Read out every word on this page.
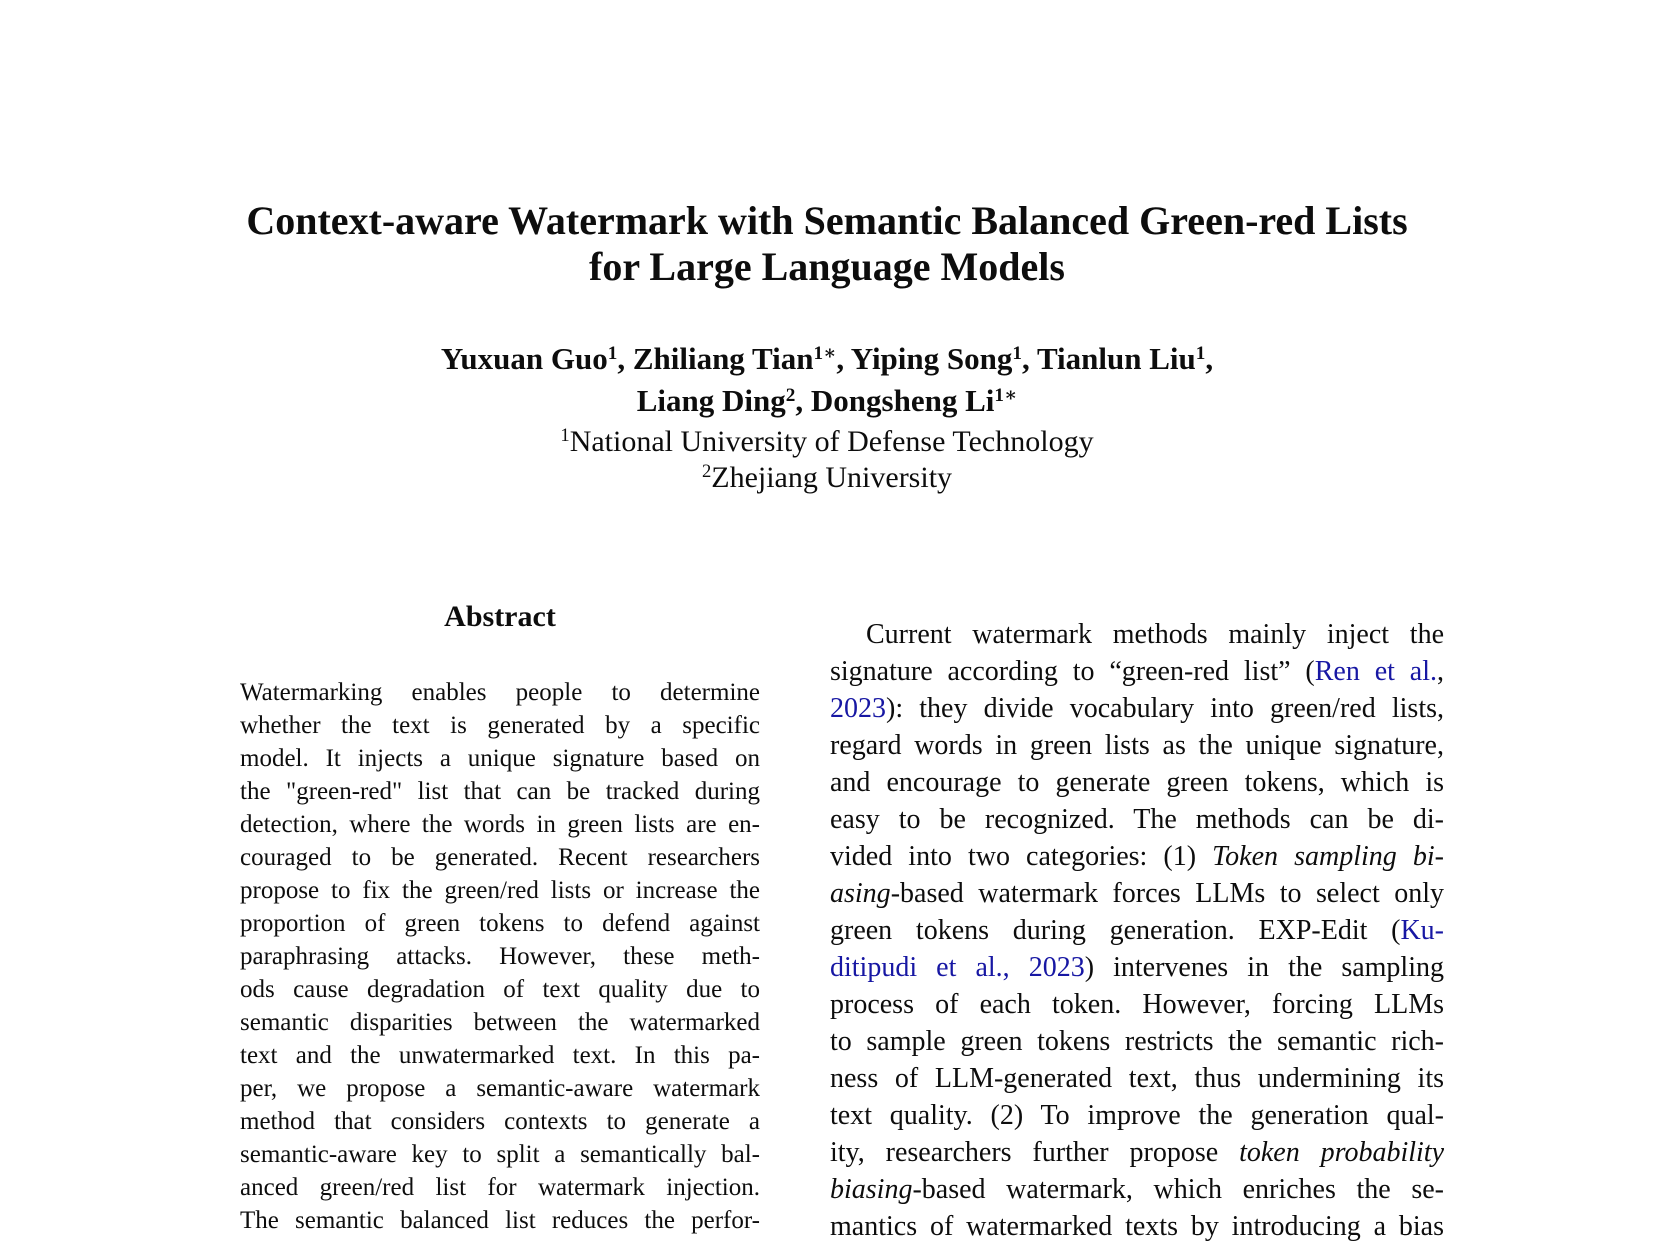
Context-aware Watermark with Semantic Balanced Green-red Lists
for Large Language Models
Yuxuan Guo$^1$, Zhiliang Tian$^{1∗}$, Yiping Song$^1$, Tianlun Liu$^1$,
Liang Ding$^2$, Dongsheng $Li^{1∗}$
$^1$National University of Defense Technology
$^2$Zhejiang University
Abstract
Watermarking enables people to determine
whether the text is generated by a specific
model. It injects a unique signature based on
the "green-red" list that can be tracked during
detection, where the words in green lists are en-
couraged to be generated. Recent researchers
propose to fix the green/red lists or increase the
proportion of green tokens to defend against
paraphrasing attacks. However, these meth-
ods cause degradation of text quality due to
semantic disparities between the watermarked
text and the unwatermarked text. In this pa-
per, we propose a semantic-aware watermark
method that considers contexts to generate a
semantic-aware key to split a semantically bal-
anced green/red list for watermark injection.
The semantic balanced list reduces the perfor-
Current watermark methods mainly inject the
signature according to “green-red list” (Ren et al.,
2023): they divide vocabulary into green/red lists,
regard words in green lists as the unique signature,
and encourage to generate green tokens, which is
easy to be recognized. The methods can be di-
vided into two categories: (1) Token sampling bi-
asing-based watermark forces LLMs to select only
green tokens during generation. EXP-Edit (Ku-
ditipudi et al., 2023) intervenes in the sampling
process of each token. However, forcing LLMs
to sample green tokens restricts the semantic rich-
ness of LLM-generated text, thus undermining its
text quality. (2) To improve the generation qual-
ity, researchers further propose token probability
biasing-based watermark, which enriches the se-
mantics of watermarked texts by introducing a bias
